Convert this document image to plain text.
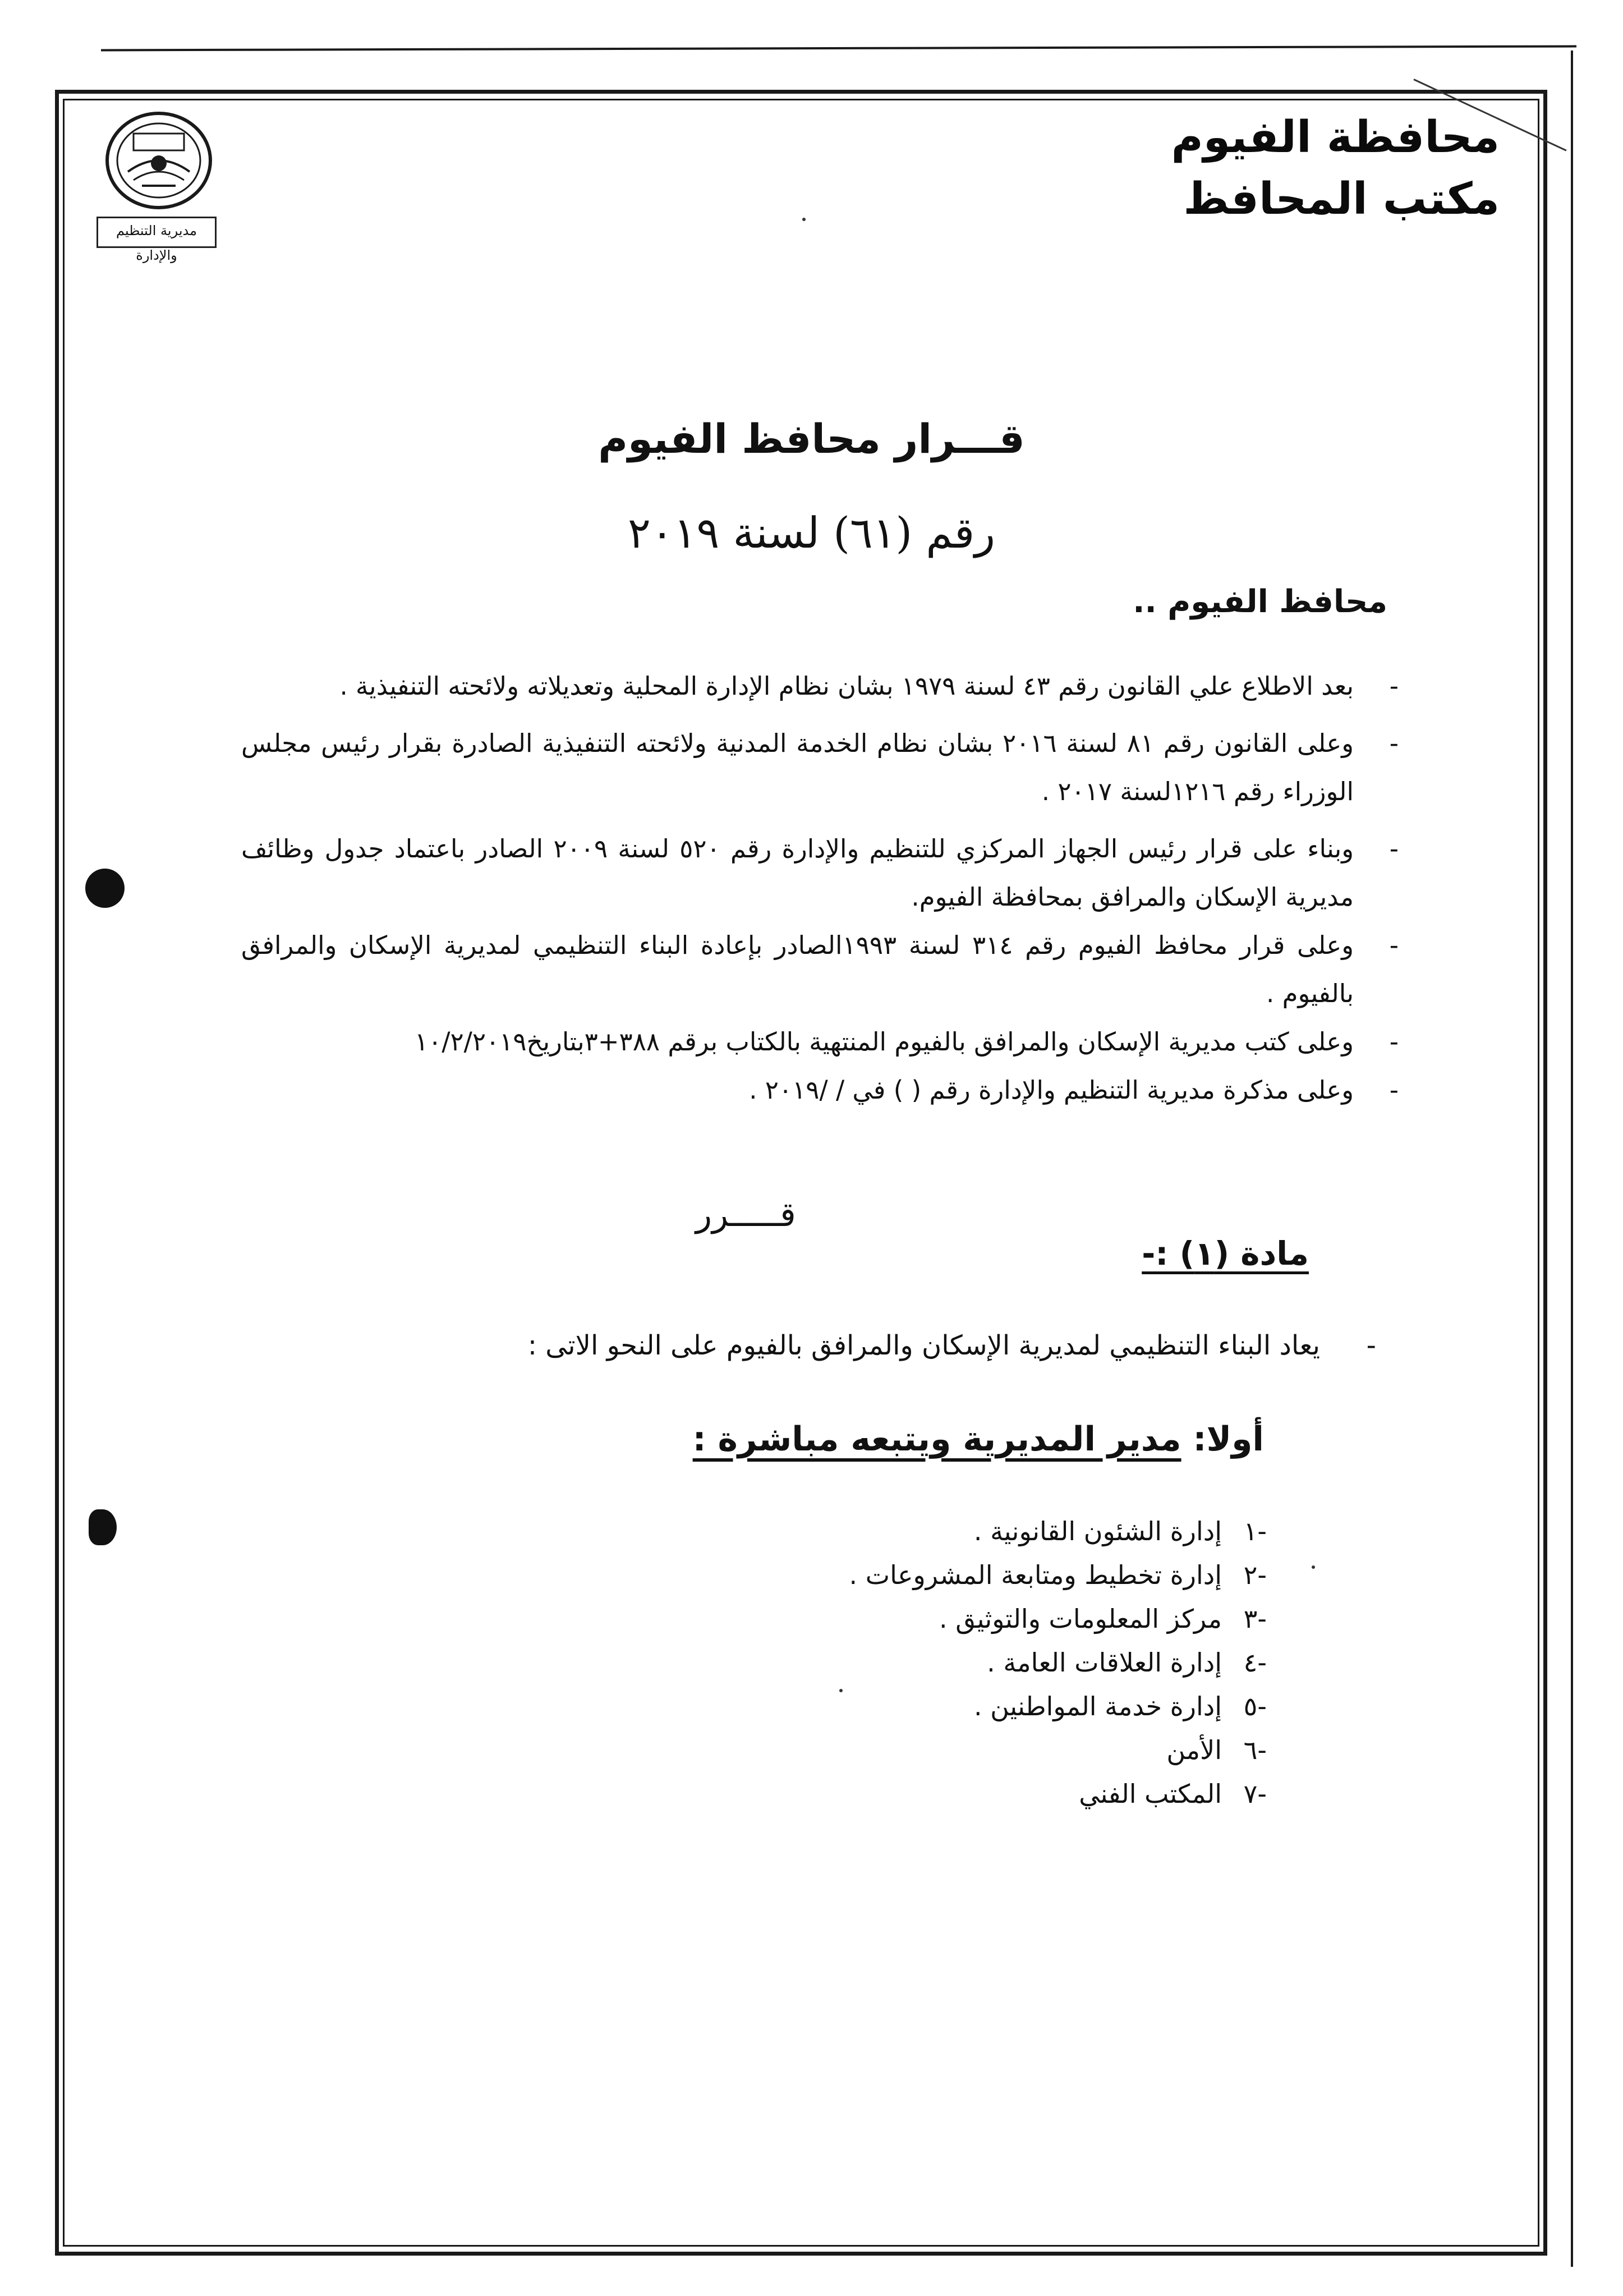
مديرية التنظيم والإدارة
محافظة الفيوم
مكتب المحافظ
قـــرار محافظ الفيوم
رقم (٦١) لسنة ٢٠١٩
محافظ الفيوم ..
-
بعد الاطلاع علي القانون رقم ٤٣ لسنة ١٩٧٩ بشان نظام الإدارة المحلية وتعديلاته ولائحته التنفيذية .
-
وعلى القانون رقم ٨١ لسنة ٢٠١٦ بشان نظام الخدمة المدنية ولائحته التنفيذية الصادرة بقرار رئيس مجلس الوزراء رقم ١٢١٦لسنة ٢٠١٧ .
-
وبناء على قرار رئيس الجهاز المركزي للتنظيم والإدارة رقم ٥٢٠ لسنة ٢٠٠٩ الصادر باعتماد جدول وظائف مديرية الإسكان والمرافق بمحافظة الفيوم.
-
وعلى قرار محافظ الفيوم رقم ٣١٤ لسنة ١٩٩٣الصادر بإعادة البناء التنظيمي لمديرية الإسكان والمرافق بالفيوم .
-
وعلى كتب مديرية الإسكان والمرافق بالفيوم المنتهية بالكتاب برقم ٣٨٨+٣بتاريخ١٠/٢/٢٠١٩
-
وعلى مذكرة مديرية التنظيم والإدارة رقم ( ) في / /٢٠١٩ .
قـــــرر
مادة (١) :-
-
يعاد البناء التنظيمي لمديرية الإسكان والمرافق بالفيوم على النحو الاتى :
أولا: مدير المديرية ويتبعه مباشرة :
-١إدارة الشئون القانونية .
-٢إدارة تخطيط ومتابعة المشروعات .
-٣مركز المعلومات والتوثيق .
-٤إدارة العلاقات العامة .
-٥إدارة خدمة المواطنين .
-٦الأمن
-٧المكتب الفني
